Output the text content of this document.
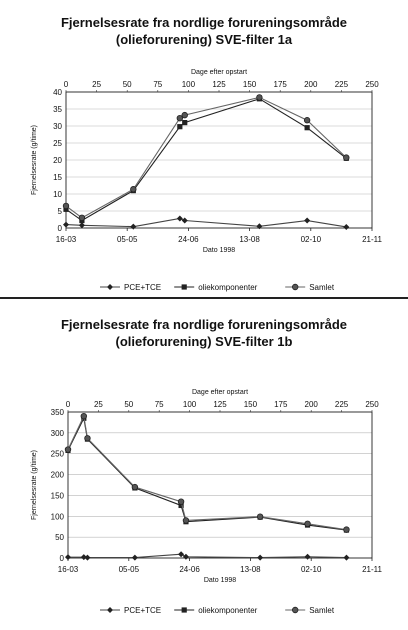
Fjernelsesrate fra nordlige forureningsområde
(olieforurening) SVE-filter 1a
Dage efter opstart
0	25	50	75 100 125 150 175 200 225 250
0
5
10
15
20
25
30
35
40
16-03	05-05	24-06	13-08	02-10	21-11
Dato 1998
Fjernelsesrate (g/time)
PCE+TCE	oliekomponenter	Samlet
Fjernelsesrate fra nordlige forureningsområde
(olieforurening) SVE-filter 1b
Dage efter opstart
0	25	50	75 100 125 150 175 200 225 250
0
50
100
150
200
250
300
350
16-03	05-05	24-06	13-08	02-10	21-11
Dato 1998
Fjernelsesrate (g/time)
PCE+TCE	oliekomponenter	Samlet
